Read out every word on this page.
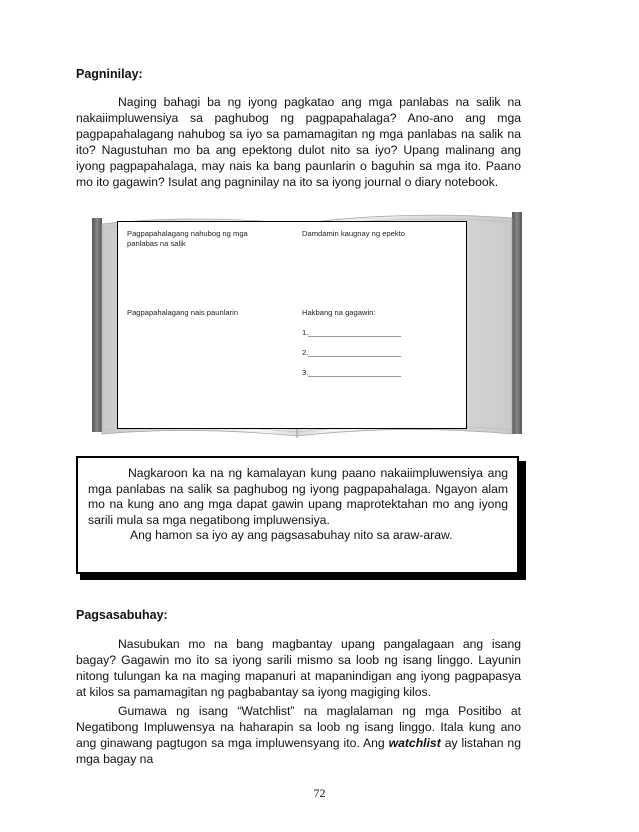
Pagninilay:
Naging bahagi ba ng iyong pagkatao ang mga panlabas na salik na nakaiimpluwensiya sa paghubog ng pagpapahalaga? Ano-ano ang mga pagpapahalagang nahubog sa iyo sa pamamagitan ng mga panlabas na salik na ito? Nagustuhan mo ba ang epektong dulot nito sa iyo? Upang malinang ang iyong pagpapahalaga, may nais ka bang paunlarin o baguhin sa mga ito. Paano mo ito gagawin? Isulat ang pagninilay na ito sa iyong journal o diary notebook.
Pagpapahalagang nahubog ng mga panlabas na salik
Damdamin kaugnay ng epekto
Pagpapahalagang nais paunlarin	Hakbang na gagawin:
1.______________________
2.______________________
3.______________________

Nagkaroon ka na ng kamalayan kung paano nakaiimpluwensiya ang mga panlabas na salik sa paghubog ng iyong pagpapahalaga. Ngayon alam mo na kung ano ang mga dapat gawin upang maprotektahan mo ang iyong sarili mula sa mga negatibong impluwensiya.

Ang hamon sa iyo ay ang pagsasabuhay nito sa araw-araw.

Pagsasabuhay:
Nasubukan mo na bang magbantay upang pangalagaan ang isang bagay? Gagawin mo ito sa iyong sarili mismo sa loob ng isang linggo. Layunin nitong tulungan ka na maging mapanuri at mapanindigan ang iyong pagpapasya at kilos sa pamamagitan ng pagbabantay sa iyong magiging kilos.
Gumawa ng isang “Watchlist” na maglalaman ng mga Positibo at Negatibong Impluwensya na haharapin sa loob ng isang linggo. Itala kung ano ang ginawang pagtugon sa mga impluwensyang ito. Ang watchlist ay listahan ng mga bagay na
72
